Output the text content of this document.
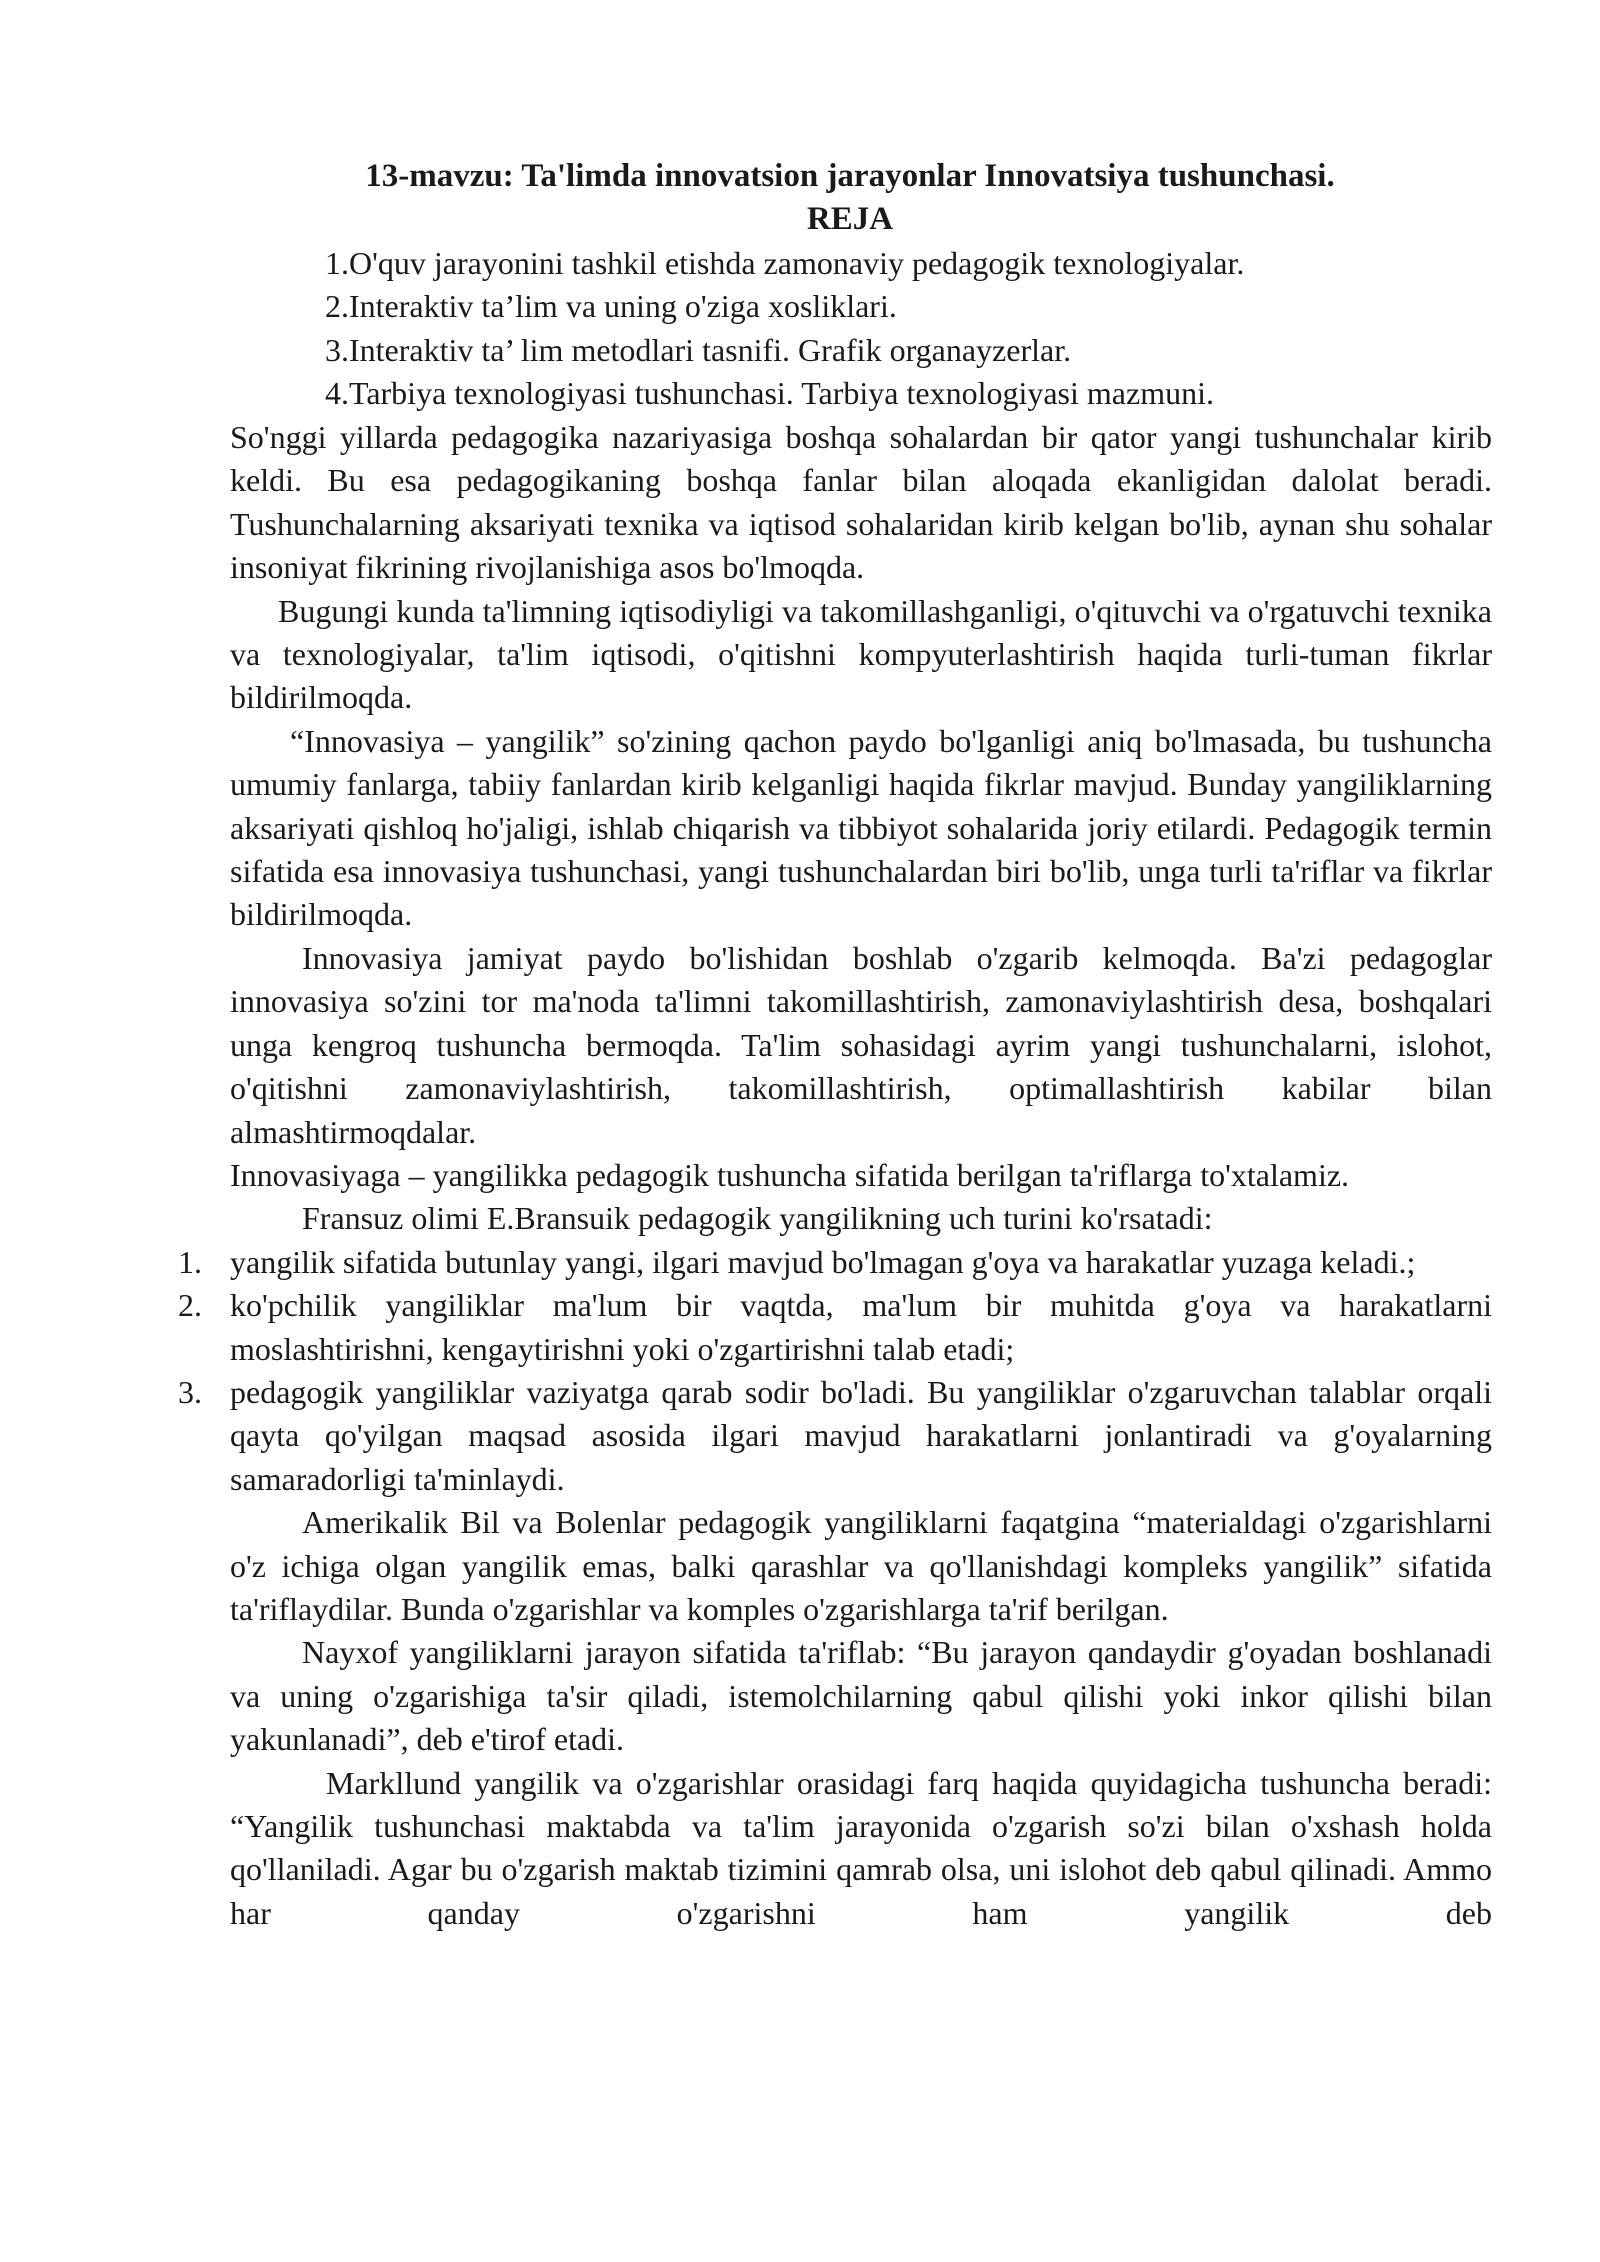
13-mavzu: Ta'limda innovatsion jarayonlar Innovatsiya tushunchasi.
REJA
1.O'quv jarayonini tashkil etishda zamonaviy pedagogik texnologiyalar.
2.Interaktiv ta’lim va uning o'ziga xosliklari.
3.Interaktiv ta’ lim metodlari tasnifi. Grafik organayzerlar.
4.Tarbiya texnologiyasi tushunchasi. Tarbiya texnologiyasi mazmuni.

So'nggi yillarda pedagogika nazariyasiga boshqa sohalardan bir qator yangi tushunchalar kirib keldi. Bu esa pedagogikaning boshqa fanlar bilan aloqada ekanligidan dalolat beradi. Tushunchalarning aksariyati texnika va iqtisod sohalaridan kirib kelgan bo'lib, aynan shu sohalar insoniyat fikrining rivojlanishiga asos bo'lmoqda.

Bugungi kunda ta'limning iqtisodiyligi va takomillashganligi, o'qituvchi va o'rgatuvchi texnika va texnologiyalar, ta'lim iqtisodi, o'qitishni kompyuterlashtirish haqida turli-tuman fikrlar bildirilmoqda.

“Innovasiya – yangilik” so'zining qachon paydo bo'lganligi aniq bo'lmasada, bu tushuncha umumiy fanlarga, tabiiy fanlardan kirib kelganligi haqida fikrlar mavjud. Bunday yangiliklarning aksariyati qishloq ho'jaligi, ishlab chiqarish va tibbiyot sohalarida joriy etilardi. Pedagogik termin sifatida esa innovasiya tushunchasi, yangi tushunchalardan biri bo'lib, unga turli ta'riflar va fikrlar bildirilmoqda.

Innovasiya jamiyat paydo bo'lishidan boshlab o'zgarib kelmoqda. Ba'zi pedagoglar innovasiya so'zini tor ma'noda ta'limni takomillashtirish, zamonaviylashtirish desa, boshqalari unga kengroq tushuncha bermoqda. Ta'lim sohasidagi ayrim yangi tushunchalarni, islohot, o'qitishni zamonaviylashtirish, takomillashtirish, optimallashtirish kabilar bilan almashtirmoqdalar.

Innovasiyaga – yangilikka pedagogik tushuncha sifatida berilgan ta'riflarga to'xtalamiz.

Fransuz olimi E.Bransuik pedagogik yangilikning uch turini ko'rsatadi:

1. yangilik sifatida butunlay yangi, ilgari mavjud bo'lmagan g'oya va harakatlar yuzaga keladi.;
2. ko'pchilik yangiliklar ma'lum bir vaqtda, ma'lum bir muhitda g'oya va harakatlarni moslashtirishni, kengaytirishni yoki o'zgartirishni talab etadi;
3. pedagogik yangiliklar vaziyatga qarab sodir bo'ladi. Bu yangiliklar o'zgaruvchan talablar orqali qayta qo'yilgan maqsad asosida ilgari mavjud harakatlarni jonlantiradi va g'oyalarning samaradorligi ta'minlaydi.

Amerikalik Bil va Bolenlar pedagogik yangiliklarni faqatgina “materialdagi o'zgarishlarni o'z ichiga olgan yangilik emas, balki qarashlar va qo'llanishdagi kompleks yangilik” sifatida ta'riflaydilar. Bunda o'zgarishlar va komples o'zgarishlarga ta'rif berilgan.

Nayxof yangiliklarni jarayon sifatida ta'riflab: “Bu jarayon qandaydir g'oyadan boshlanadi va uning o'zgarishiga ta'sir qiladi, istemolchilarning qabul qilishi yoki inkor qilishi bilan yakunlanadi”, deb e'tirof etadi.

Markllund yangilik va o'zgarishlar orasidagi farq haqida quyidagicha tushuncha beradi: “Yangilik tushunchasi maktabda va ta'lim jarayonida o'zgarish so'zi bilan o'xshash holda qo'llaniladi. Agar bu o'zgarish maktab tizimini qamrab olsa, uni islohot deb qabul qilinadi. Ammo har qanday o'zgarishni ham yangilik deb
